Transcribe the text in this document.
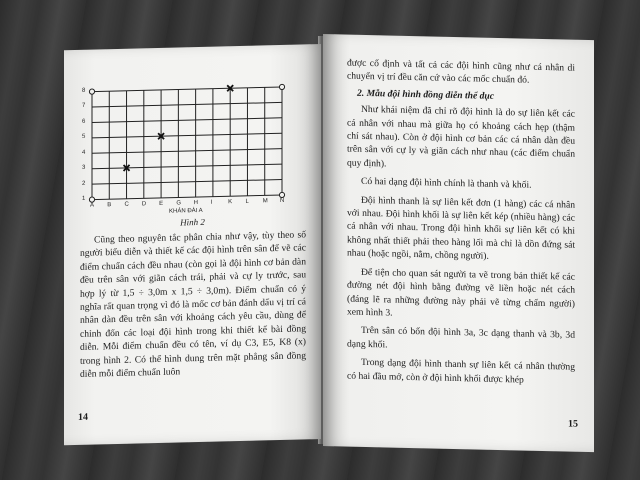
8
7
6
5
4
3
2
1
A B C D E G H I	K L M N
KHÁN ĐÀI A
Hình 2

Cũng theo nguyên tắc phân chia như vậy, tùy theo số người biểu diễn và thiết kế các đội hình trên sân để vẽ các điểm chuẩn cách đều nhau (còn gọi là đội hình cơ bản dàn đều trên sân với giãn cách trái, phải và cự ly trước, sau hợp lý từ 1,5 ÷ 3,0m x 1,5 ÷ 3,0m). Điểm chuẩn có ý nghĩa rất quan trọng vì đó là mốc cơ bản đánh dấu vị trí cá nhân dàn đều trên sân với khoảng cách yêu cầu, dùng để chỉnh đốn các loại đội hình trong khi thiết kế bài đồng diễn. Mỗi điểm chuẩn đều có tên, ví dụ C3, E5, K8 (x) trong hình 2. Có thể hình dung trên mặt phẳng sân đồng diễn mỗi điểm chuẩn luôn

14

được cố định và tất cả các đội hình cũng như cá nhân di chuyển vị trí đều căn cứ vào các mốc chuẩn đó.

2. Mẫu đội hình đồng diễn thể dục

Như khái niệm đã chỉ rõ đội hình là do sự liên kết các cá nhân với nhau mà giữa họ có khoảng cách hẹp (thậm chí sát nhau). Còn ở đội hình cơ bản các cá nhân dàn đều trên sân với cự ly và giãn cách như nhau (các điểm chuẩn quy định).

Có hai dạng đội hình chính là thanh và khối.

Đội hình thanh là sự liên kết đơn (1 hàng) các cá nhân với nhau. Đội hình khối là sự liên kết kép (nhiều hàng) các cá nhân với nhau. Trong đội hình khối sự liên kết có khi không nhất thiết phải theo hàng lối mà chỉ là dồn đứng sát nhau (hoặc ngồi, nằm, chồng người).

Để tiện cho quan sát người ta vẽ trong bản thiết kế các đường nét đội hình bằng đường vẽ liền hoặc nét cách (đáng lẽ ra những đường này phải vẽ từng chấm người) xem hình 3.

Trên sân có bốn đội hình 3a, 3c dạng thanh và 3b, 3d dạng khối.

Trong dạng đội hình thanh sự liên kết cá nhân thường có hai đầu mở, còn ở đội hình khối được khép

15
